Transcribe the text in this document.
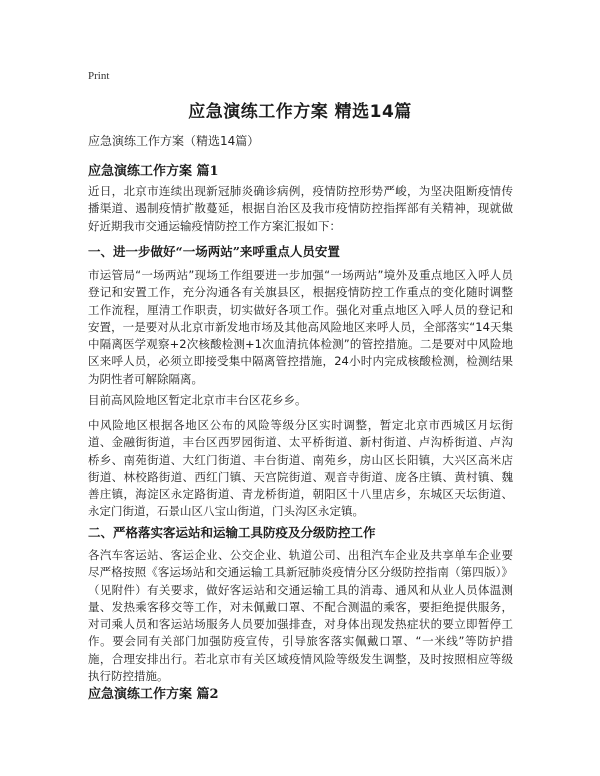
Print
应急演练工作方案 精选14篇
应急演练工作方案（精选14篇）
应急演练工作方案 篇1
近日，北京市连续出现新冠肺炎确诊病例，疫情防控形势严峻，为坚决阻断疫情传播渠道、遏制疫情扩散蔓延，根据自治区及我市疫情防控指挥部有关精神，现就做好近期我市交通运输疫情防控工作方案汇报如下：
一、进一步做好“一场两站”来呼重点人员安置
市运管局“一场两站”现场工作组要进一步加强“一场两站”境外及重点地区入呼人员登记和安置工作，充分沟通各有关旗县区，根据疫情防控工作重点的变化随时调整工作流程，厘清工作职责，切实做好各项工作。强化对重点地区入呼人员的登记和安置，一是要对从北京市新发地市场及其他高风险地区来呼人员，全部落实“14天集中隔离医学观察+2次核酸检测+1次血清抗体检测”的管控措施。二是要对中风险地区来呼人员，必须立即接受集中隔离管控措施，24小时内完成核酸检测，检测结果为阴性者可解除隔离。
目前高风险地区暂定北京市丰台区花乡乡。
中风险地区根据各地区公布的风险等级分区实时调整，暂定北京市西城区月坛街道、金融街街道，丰台区西罗园街道、太平桥街道、新村街道、卢沟桥街道、卢沟桥乡、南苑街道、大红门街道、丰台街道、南苑乡，房山区长阳镇，大兴区高米店街道、林校路街道、西红门镇、天宫院街道、观音寺街道、庞各庄镇、黄村镇、魏善庄镇，海淀区永定路街道、青龙桥街道，朝阳区十八里店乡，东城区天坛街道、永定门街道，石景山区八宝山街道，门头沟区永定镇。
二、严格落实客运站和运输工具防疫及分级防控工作
各汽车客运站、客运企业、公交企业、轨道公司、出租汽车企业及共享单车企业要尽严格按照《客运场站和交通运输工具新冠肺炎疫情分区分级防控指南（第四版）》（见附件）有关要求，做好客运站和交通运输工具的消毒、通风和从业人员体温测量、发热乘客移交等工作，对未佩戴口罩、不配合测温的乘客，要拒绝提供服务，对司乘人员和客运站场服务人员要加强排查，对身体出现发热症状的要立即暂停工作。要会同有关部门加强防疫宣传，引导旅客落实佩戴口罩、“一米线”等防护措施，合理安排出行。若北京市有关区域疫情风险等级发生调整，及时按照相应等级执行防控措施。
应急演练工作方案 篇2
